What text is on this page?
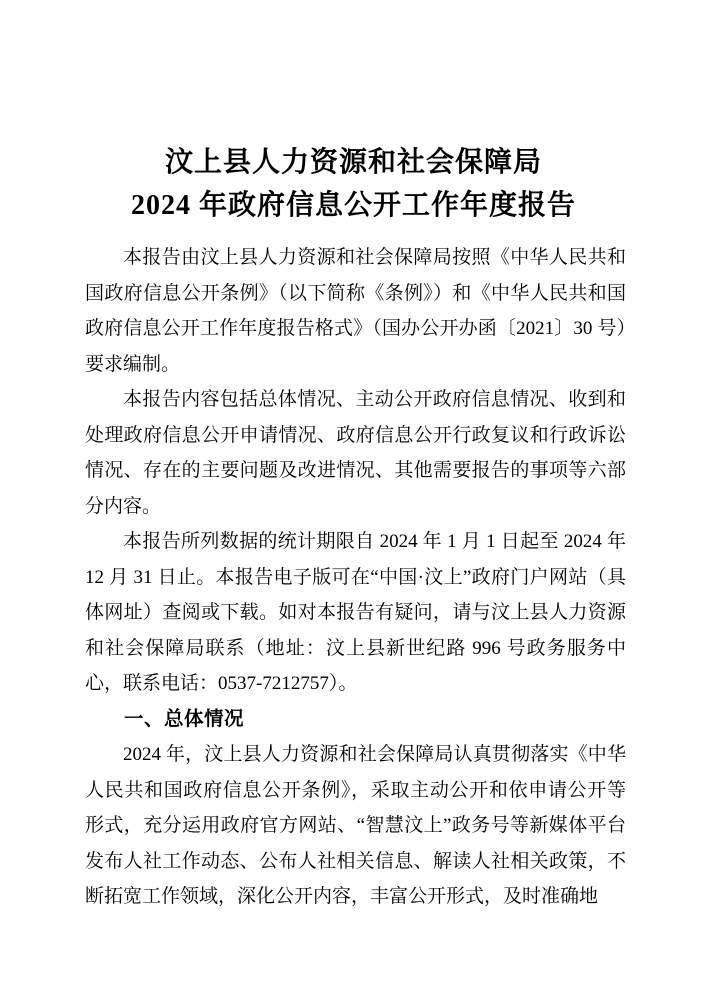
汶上县人力资源和社会保障局
2024 年政府信息公开工作年度报告

本报告由汶上县人力资源和社会保障局按照《中华人民共和国政府信息公开条例》（以下简称《条例》）和《中华人民共和国政府信息公开工作年度报告格式》（国办公开办函〔2021〕30 号）要求编制。

本报告内容包括总体情况、主动公开政府信息情况、收到和处理政府信息公开申请情况、政府信息公开行政复议和行政诉讼情况、存在的主要问题及改进情况、其他需要报告的事项等六部分内容。

本报告所列数据的统计期限自 2024 年 1 月 1 日起至 2024 年 12 月 31 日止。本报告电子版可在“中国·汶上”政府门户网站（具体网址）查阅或下载。如对本报告有疑问，请与汶上县人力资源和社会保障局联系（地址：汶上县新世纪路 996 号政务服务中心，联系电话：0537-7212757）。

一、总体情况

2024 年，汶上县人力资源和社会保障局认真贯彻落实《中华人民共和国政府信息公开条例》，采取主动公开和依申请公开等形式，充分运用政府官方网站、“智慧汶上”政务号等新媒体平台发布人社工作动态、公布人社相关信息、解读人社相关政策，不断拓宽工作领域，深化公开内容，丰富公开形式，及时准确地
